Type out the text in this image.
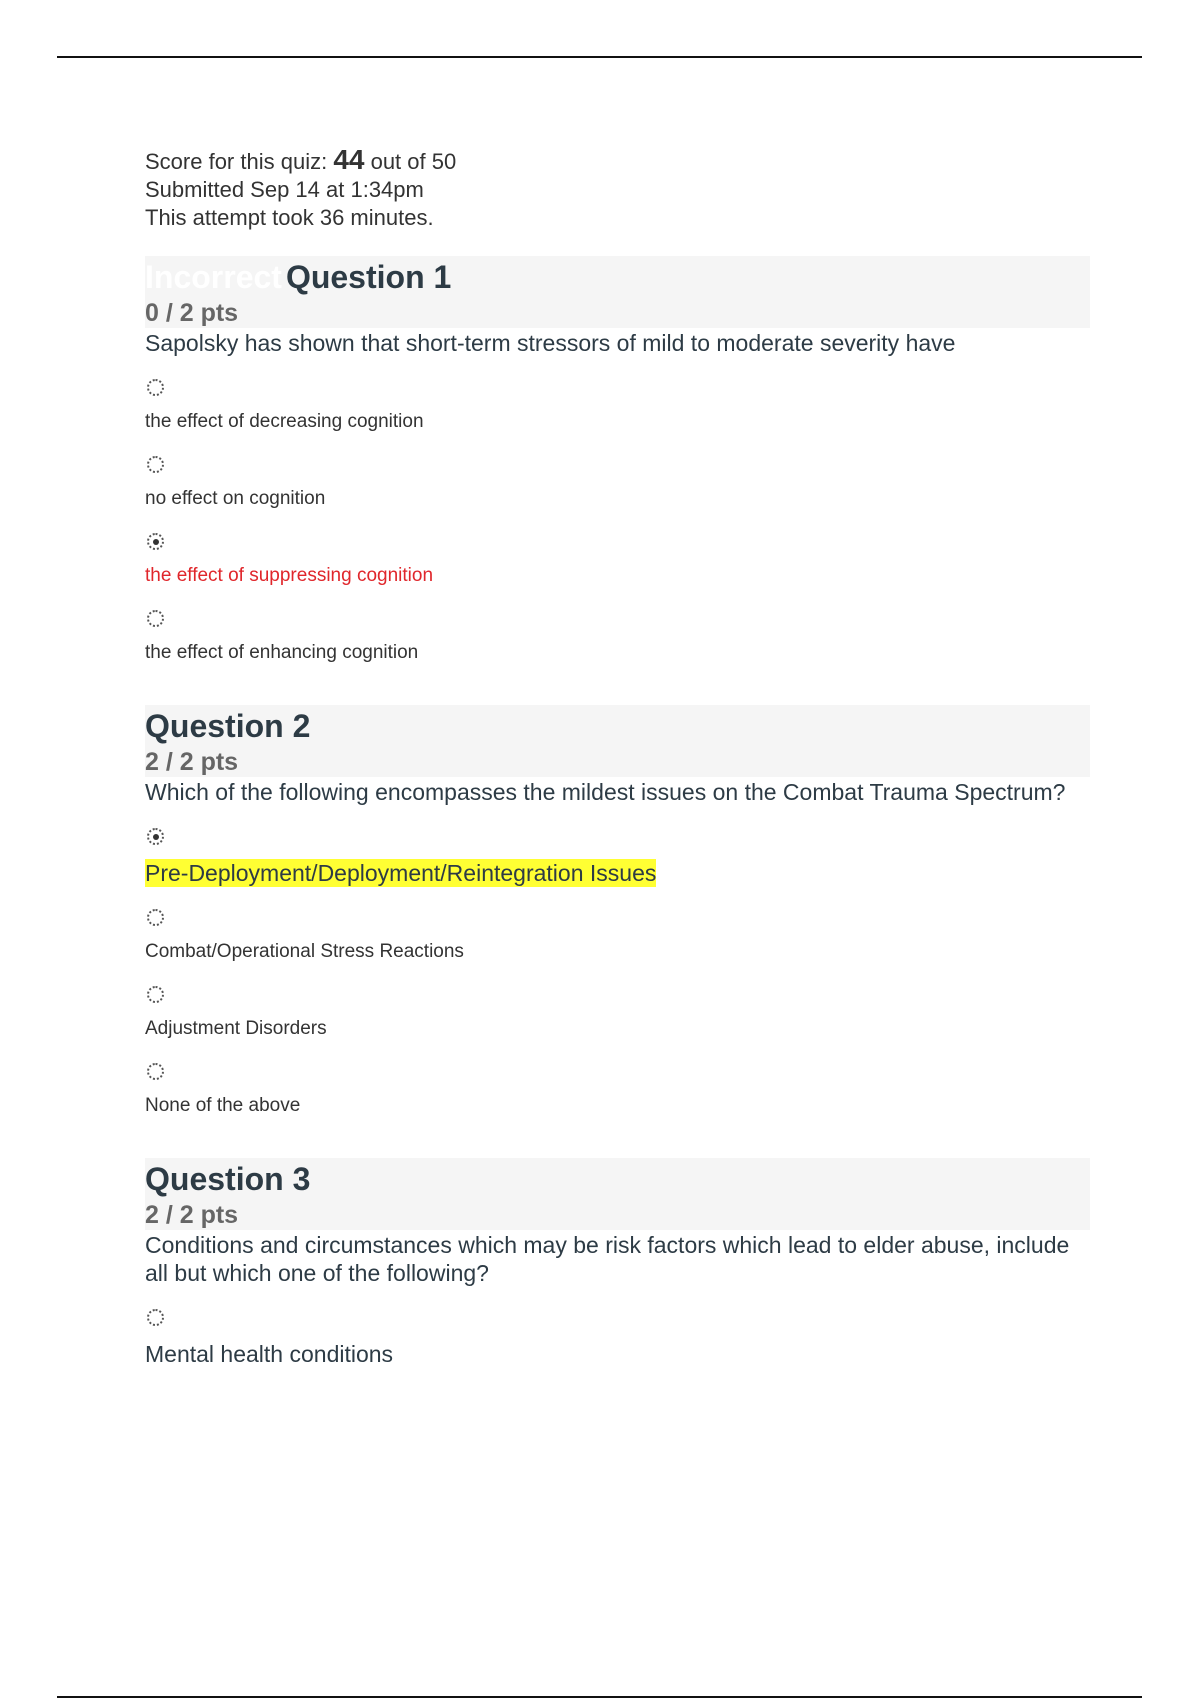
Score for this quiz: 44 out of 50
Submitted Sep 14 at 1:34pm
This attempt took 36 minutes.
Incorrect Question 1
0 / 2 pts
Sapolsky has shown that short-term stressors of mild to moderate severity have
the effect of decreasing cognition
no effect on cognition
the effect of suppressing cognition
the effect of enhancing cognition
Question 2
2 / 2 pts
Which of the following encompasses the mildest issues on the Combat Trauma Spectrum?
Pre-Deployment/Deployment/Reintegration Issues
Combat/Operational Stress Reactions
Adjustment Disorders
None of the above
Question 3
2 / 2 pts
Conditions and circumstances which may be risk factors which lead to elder abuse, include all but which one of the following?
Mental health conditions
